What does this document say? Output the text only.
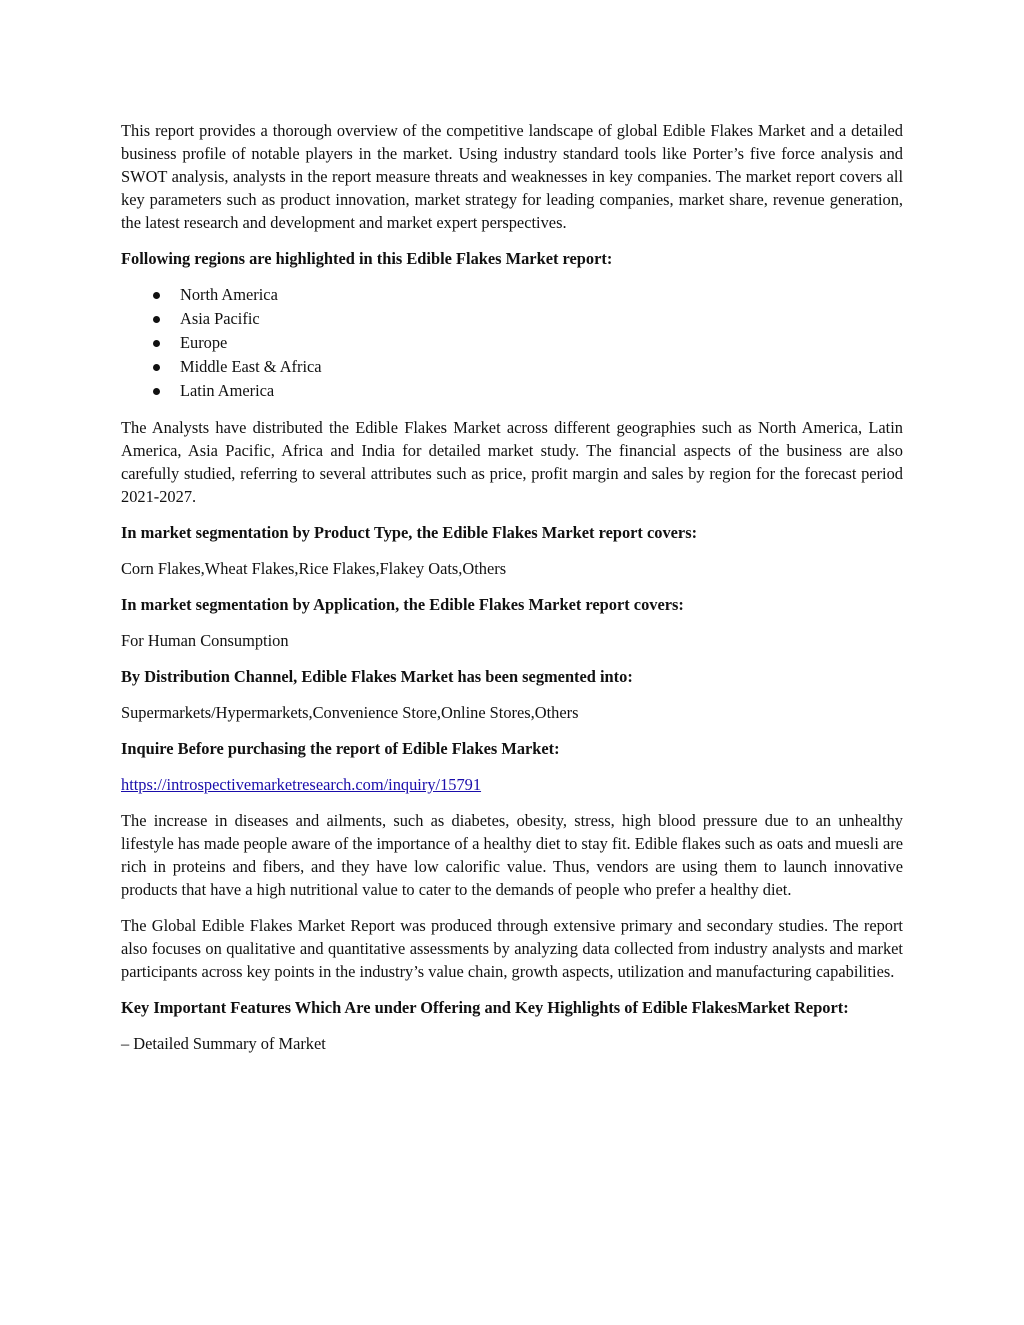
This report provides a thorough overview of the competitive landscape of global Edible Flakes Market and a detailed business profile of notable players in the market. Using industry standard tools like Porter’s five force analysis and SWOT analysis, analysts in the report measure threats and weaknesses in key companies. The market report covers all key parameters such as product innovation, market strategy for leading companies, market share, revenue generation, the latest research and development and market expert perspectives.

Following regions are highlighted in this Edible Flakes Market report:

North America
Asia Pacific
Europe
Middle East & Africa
Latin America

The Analysts have distributed the Edible Flakes Market across different geographies such as North America, Latin America, Asia Pacific, Africa and India for detailed market study. The financial aspects of the business are also carefully studied, referring to several attributes such as price, profit margin and sales by region for the forecast period 2021-2027.

In market segmentation by Product Type, the Edible Flakes Market report covers:

Corn Flakes,Wheat Flakes,Rice Flakes,Flakey Oats,Others

In market segmentation by Application, the Edible Flakes Market report covers:

For Human Consumption

By Distribution Channel, Edible Flakes Market has been segmented into:

Supermarkets/Hypermarkets,Convenience Store,Online Stores,Others

Inquire Before purchasing the report of Edible Flakes Market:

https://introspectivemarketresearch.com/inquiry/15791

The increase in diseases and ailments, such as diabetes, obesity, stress, high blood pressure due to an unhealthy lifestyle has made people aware of the importance of a healthy diet to stay fit. Edible flakes such as oats and muesli are rich in proteins and fibers, and they have low calorific value. Thus, vendors are using them to launch innovative products that have a high nutritional value to cater to the demands of people who prefer a healthy diet.

The Global Edible Flakes Market Report was produced through extensive primary and secondary studies. The report also focuses on qualitative and quantitative assessments by analyzing data collected from industry analysts and market participants across key points in the industry’s value chain, growth aspects, utilization and manufacturing capabilities.

Key Important Features Which Are under Offering and Key Highlights of Edible FlakesMarket Report:

– Detailed Summary of Market
